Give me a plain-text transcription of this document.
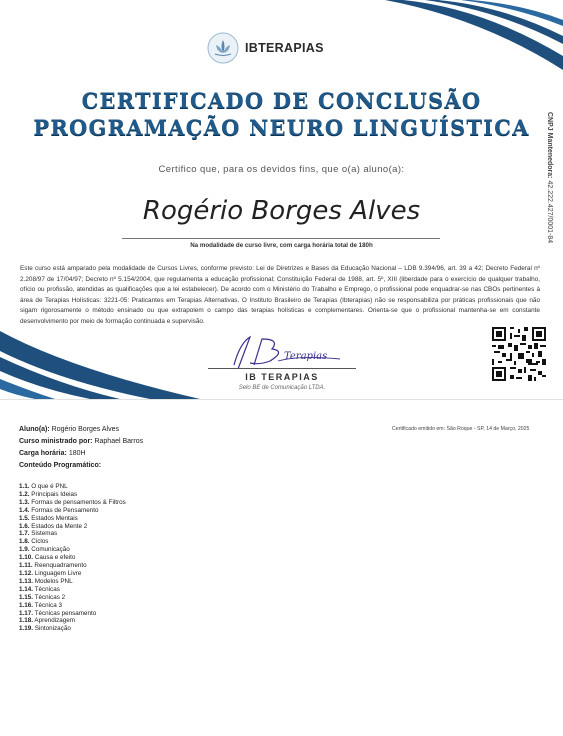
IBTERAPIAS
CERTIFICADO DE CONCLUSÃO
PROGRAMAÇÃO NEURO LINGUÍSTICA	CNPJ Mantenedora: 42.222.427/0001-84
Certifico que, para os devidos fins, que o(a) aluno(a):
Rogério Borges Alves
Na modalidade de curso livre, com carga horária total de 180h
Este curso está amparado pela modalidade de Cursos Livres, conforme previsto: Lei de Diretrizes e Bases da Educação Nacional – LDB 9.394/96, art. 39 a 42; Decreto Federal nº 2.208/97 de 17/04/97; Decreto nº 5.154/2004, que regulamenta a educação profissional; Constituição Federal de 1988, art. 5º, XIII (liberdade para o exercício de qualquer trabalho, ofício ou profissão, atendidas as qualificações que a lei estabelecer). De acordo com o Ministério do Trabalho e Emprego, o profissional pode enquadrar-se nas CBOs pertinentes à área de Terapias Holísticas: 3221-05: Praticantes em Terapias Alternativas. O Instituto Brasileiro de Terapias (Ibterapias) não se responsabiliza por práticas profissionais que não sigam rigorosamente o método ensinado ou que extrapolem o campo das terapias holísticas e complementares. Orienta-se que o profissional mantenha-se em constante desenvolvimento por meio de formação continuada e supervisão.
Terapias
IB TERAPIAS
Selo BE de Comunicação LTDA.
Certificado emitido em: São Roque - SP, 14 de Março, 2025
Aluno(a): Rogério Borges Alves
Curso ministrado por: Raphael Barros
Carga horária: 180H
Conteúdo Programático:
1.1. O que é PNL
1.2. Principais Ideias
1.3. Formas de pensamentos & Filtros
1.4. Formas de Pensamento
1.5. Estados Mentais
1.6. Estados da Mente 2
1.7. Sistemas
1.8. Ciclos
1.9. Comunicação
1.10. Causa e efeito
1.11. Reenquadramento
1.12. Linguagem Livre
1.13. Modelos PNL
1.14. Técnicas
1.15. Técnicas 2
1.16. Técnica 3
1.17. Técnicas pensamento
1.18. Aprendizagem
1.19. Sintonização
